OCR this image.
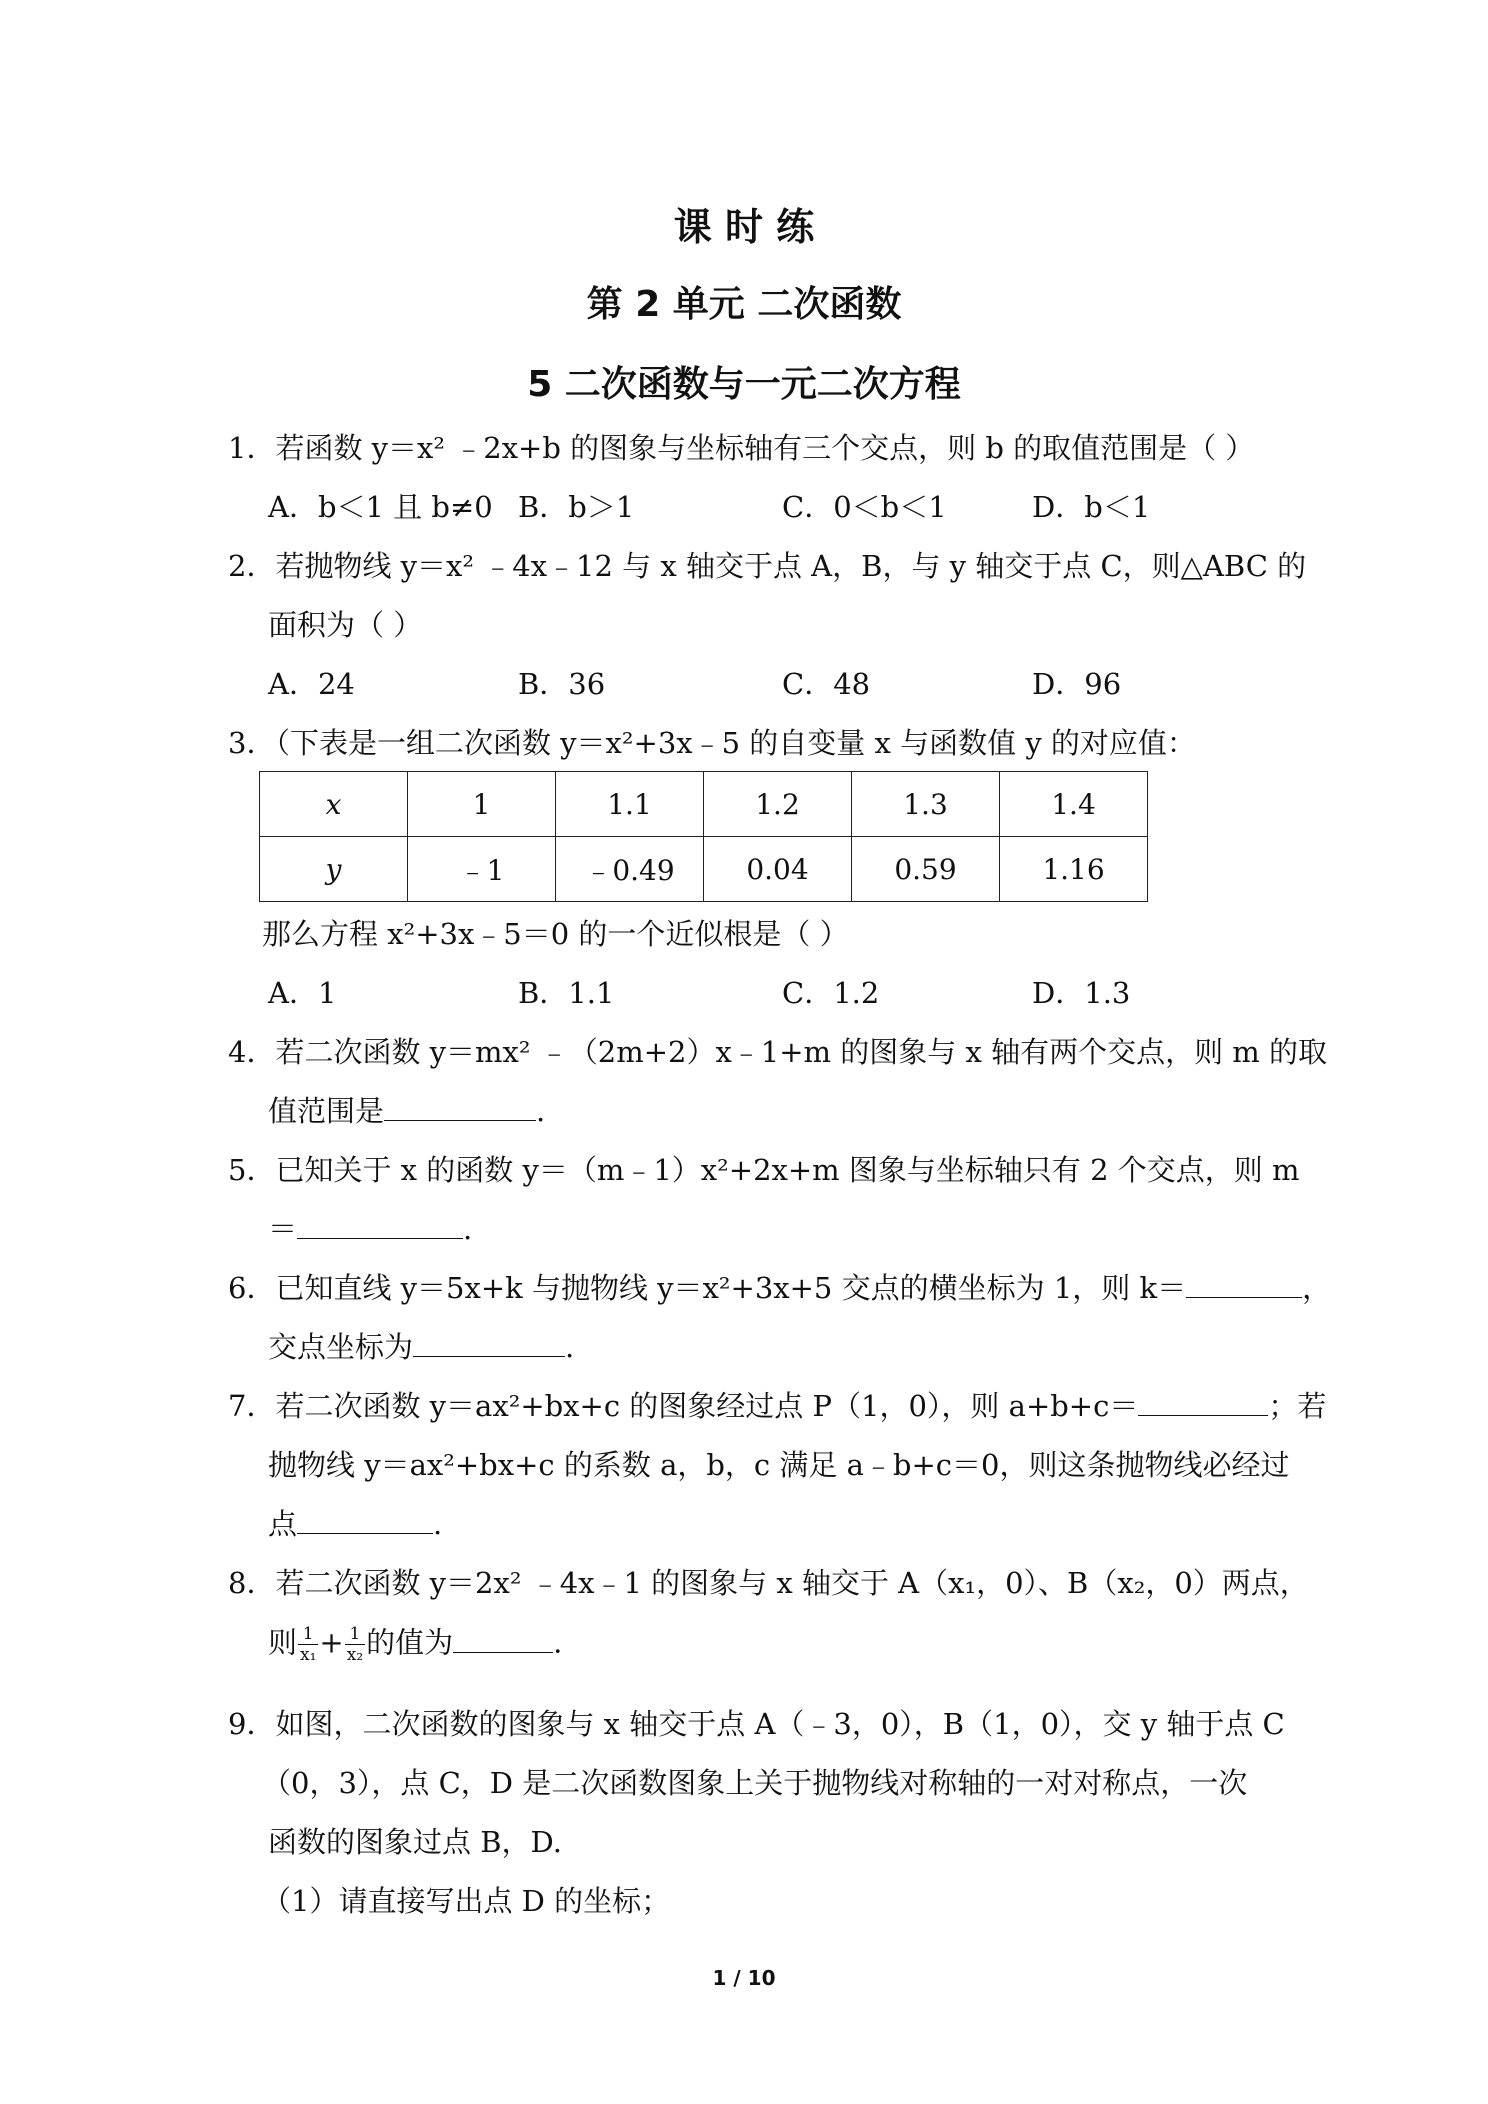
课 时 练
第 2 单元 二次函数
5 二次函数与一元二次方程
1．若函数 y＝x² ﹣2x+b 的图象与坐标轴有三个交点，则 b 的取值范围是（ ）
A．b＜1 且 b≠0 B．b＞1	C．0＜b＜1	D．b＜1
2．若抛物线 y＝x² ﹣4x﹣12 与 x 轴交于点 A，B，与 y 轴交于点 C，则△ABC 的
面积为（ ）
A．24	B．36	C．48	D．96
3．（下表是一组二次函数 y＝x²+3x﹣5 的自变量 x 与函数值 y 的对应值：
x	1	1.1	1.2	1.3	1.4
y	﹣1	﹣0.49	0.04	0.59	1.16
那么方程 x²+3x﹣5＝0 的一个近似根是（ ）
A．1	B．1.1	C．1.2	D．1.3
4．若二次函数 y＝mx² ﹣（2m+2）x﹣1+m 的图象与 x 轴有两个交点，则 m 的取
值范围是	.
5．已知关于 x 的函数 y＝（m﹣1）x²+2x+m 图象与坐标轴只有 2 个交点，则 m
＝	.
6．已知直线 y＝5x+k 与抛物线 y＝x²+3x+5 交点的横坐标为 1，则 k＝	，
交点坐标为	.
7．若二次函数 y＝ax²+bx+c 的图象经过点 P（1，0），则 a+b+c＝	；若
抛物线 y＝ax²+bx+c 的系数 a，b，c 满足 a﹣b+c＝0，则这条抛物线必经过
点	.
8．若二次函数 y＝2x² ﹣4x﹣1 的图象与 x 轴交于 A（x₁，0）、B（x₂，0）两点，
则 $\frac{1}{\text{x₁}} + \frac{1}{\text{x₂}}$ 的值为	.
9．如图，二次函数的图象与 x 轴交于点 A（﹣3，0），B（1，0），交 y 轴于点 C
（0，3），点 C，D 是二次函数图象上关于抛物线对称轴的一对对称点，一次
函数的图象过点 B，D.
（1）请直接写出点 D 的坐标；
1 / 10
